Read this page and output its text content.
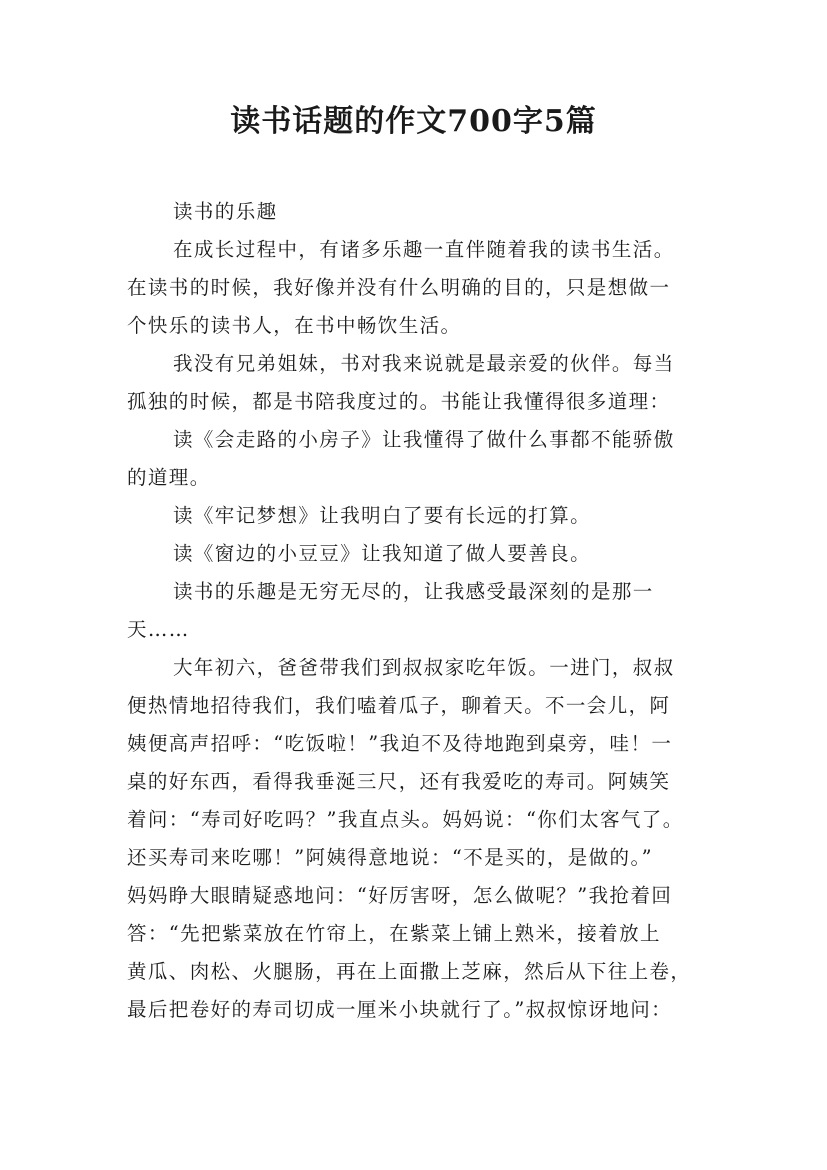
读书话题的作文700字5篇
读书的乐趣
在成长过程中，有诸多乐趣一直伴随着我的读书生活。
在读书的时候，我好像并没有什么明确的目的，只是想做一
个快乐的读书人，在书中畅饮生活。
我没有兄弟姐妹，书对我来说就是最亲爱的伙伴。每当
孤独的时候，都是书陪我度过的。书能让我懂得很多道理：
读《会走路的小房子》让我懂得了做什么事都不能骄傲
的道理。
读《牢记梦想》让我明白了要有长远的打算。
读《窗边的小豆豆》让我知道了做人要善良。
读书的乐趣是无穷无尽的，让我感受最深刻的是那一
天……
大年初六，爸爸带我们到叔叔家吃年饭。一进门，叔叔
便热情地招待我们，我们嗑着瓜子，聊着天。不一会儿，阿
姨便高声招呼：“吃饭啦！”我迫不及待地跑到桌旁，哇！一
桌的好东西，看得我垂涎三尺，还有我爱吃的寿司。阿姨笑
着问：“寿司好吃吗？”我直点头。妈妈说：“你们太客气了。
还买寿司来吃哪！”阿姨得意地说：“不是买的，是做的。”
妈妈睁大眼睛疑惑地问：“好厉害呀，怎么做呢？”我抢着回
答：“先把紫菜放在竹帘上，在紫菜上铺上熟米，接着放上
黄瓜、肉松、火腿肠，再在上面撒上芝麻，然后从下往上卷，
最后把卷好的寿司切成一厘米小块就行了。”叔叔惊讶地问：
